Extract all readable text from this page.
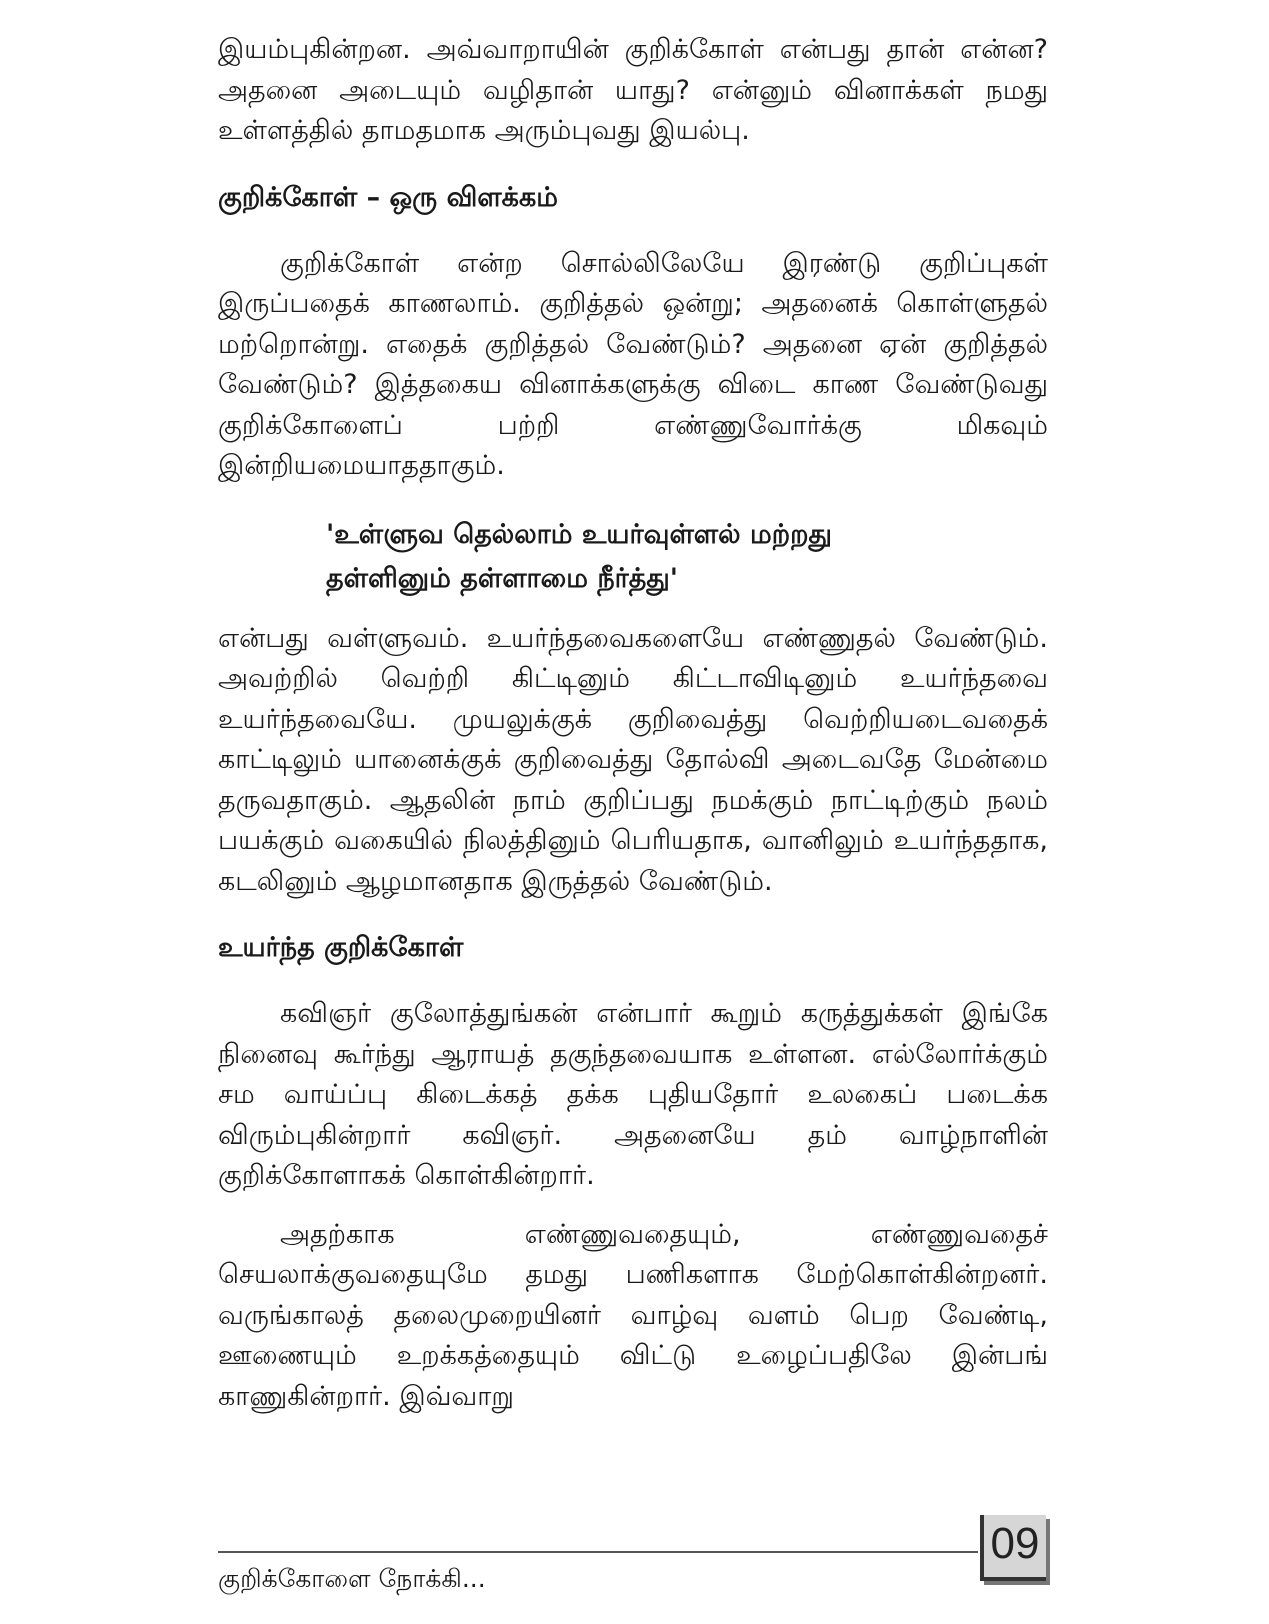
இயம்புகின்றன. அவ்வாறாயின் குறிக்கோள் என்பது தான் என்ன? அதனை அடையும் வழிதான் யாது? என்னும் வினாக்கள் நமது உள்ளத்தில் தாமதமாக அரும்புவது இயல்பு.

குறிக்கோள் – ஒரு விளக்கம்

குறிக்கோள் என்ற சொல்லிலேயே இரண்டு குறிப்புகள் இருப்பதைக் காணலாம். குறித்தல் ஒன்று; அதனைக் கொள்ளுதல் மற்றொன்று. எதைக் குறித்தல் வேண்டும்? அதனை ஏன் குறித்தல் வேண்டும்? இத்தகைய வினாக்களுக்கு விடை காண வேண்டுவது குறிக்கோளைப் பற்றி எண்ணுவோர்க்கு மிகவும் இன்றியமையாததாகும்.

'உள்ளுவ தெல்லாம் உயர்வுள்ளல் மற்றது

தள்ளினும் தள்ளாமை நீர்த்து'

என்பது வள்ளுவம். உயர்ந்தவைகளையே எண்ணுதல் வேண்டும். அவற்றில் வெற்றி கிட்டினும் கிட்டாவிடினும் உயர்ந்தவை உயர்ந்தவையே. முயலுக்குக் குறிவைத்து வெற்றியடைவதைக் காட்டிலும் யானைக்குக் குறிவைத்து தோல்வி அடைவதே மேன்மை தருவதாகும். ஆதலின் நாம் குறிப்பது நமக்கும் நாட்டிற்கும் நலம் பயக்கும் வகையில் நிலத்தினும் பெரியதாக, வானிலும் உயர்ந்ததாக, கடலினும் ஆழமானதாக இருத்தல் வேண்டும்.

உயர்ந்த குறிக்கோள்

கவிஞர் குலோத்துங்கன் என்பார் கூறும் கருத்துக்கள் இங்கே நினைவு கூர்ந்து ஆராயத் தகுந்தவையாக உள்ளன. எல்லோர்க்கும் சம வாய்ப்பு கிடைக்கத் தக்க புதியதோர் உலகைப் படைக்க விரும்புகின்றார் கவிஞர். அதனையே தம் வாழ்நாளின் குறிக்கோளாகக் கொள்கின்றார்.

அதற்காக எண்ணுவதையும், எண்ணுவதைச் செயலாக்குவதையுமே தமது பணிகளாக மேற்கொள்கின்றனர். வருங்காலத் தலைமுறையினர் வாழ்வு வளம் பெற வேண்டி, ஊணையும் உறக்கத்தையும் விட்டு உழைப்பதிலே இன்பங் காணுகின்றார். இவ்வாறு

குறிக்கோளை நோக்கி...
09
